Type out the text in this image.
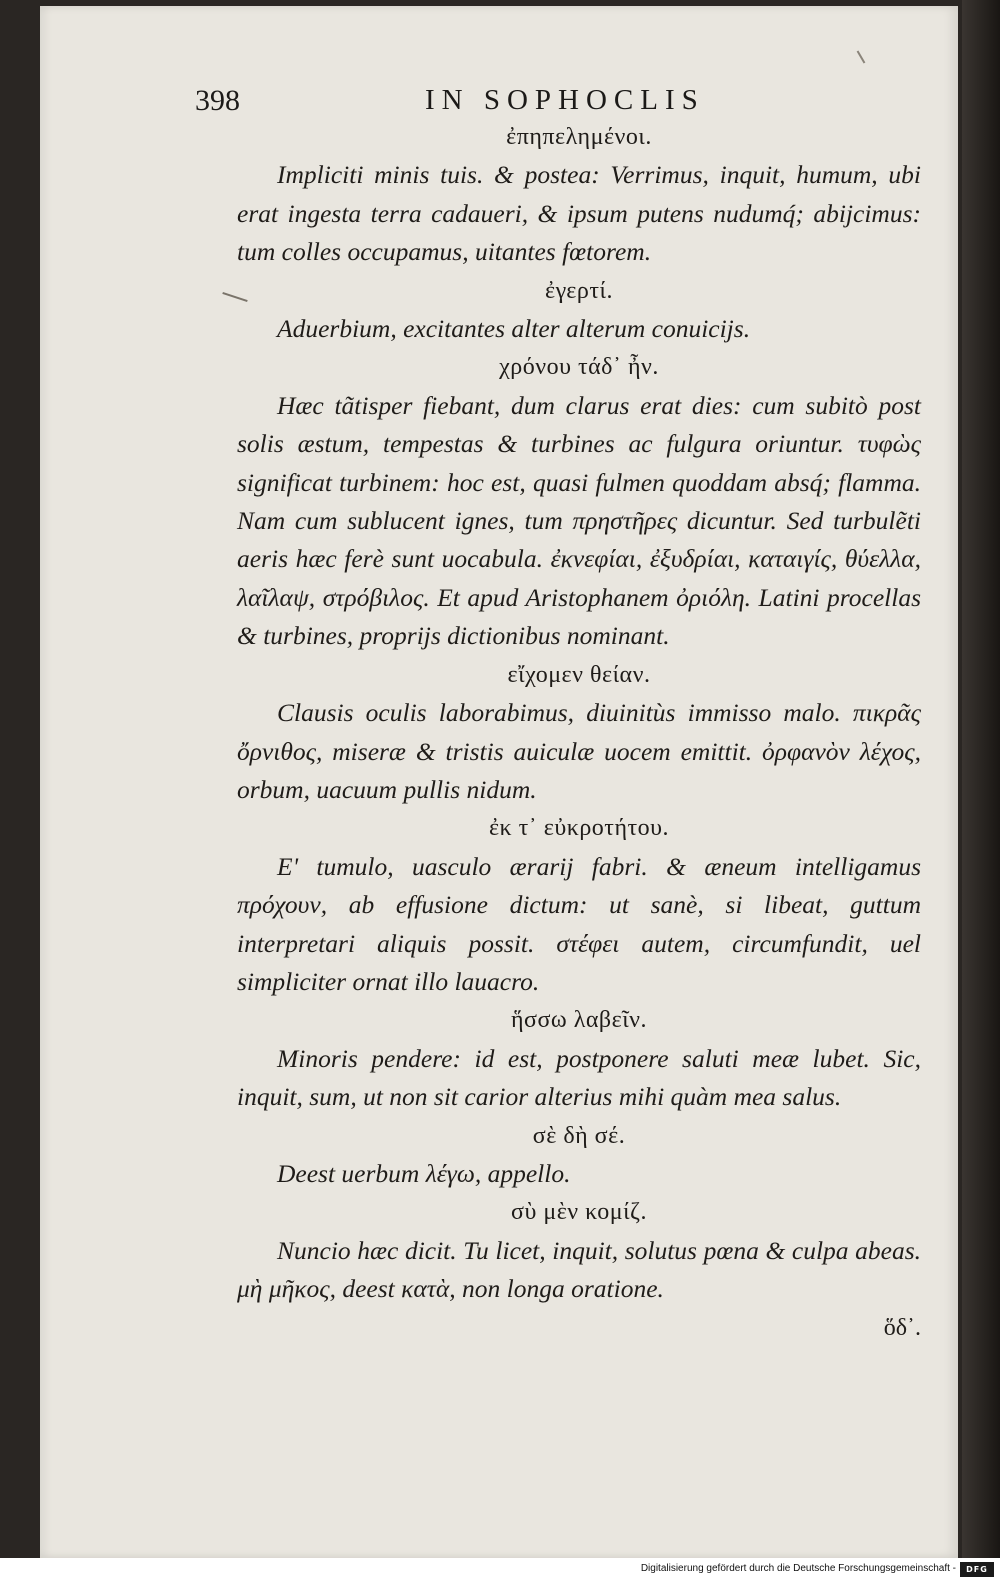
398	IN SOPHOCLIS
ἐπηπελημένοι.
Impliciti minis tuis. & postea: Verrimus, inquit, humum, ubi erat ingesta terra cadaueri, & ipsum putens nudumq́; abijcimus: tum colles occupamus, uitantes fœtorem.
ἐγερτί.
Aduerbium, excitantes alter alterum conuicijs.
χρόνου τάδ᾽ ἦν.
Hæc tãtisper fiebant, dum clarus erat dies: cum subitò post solis æstum, tempestas & turbines ac fulgura oriuntur. τυφὼς significat turbinem: hoc est, quasi fulmen quoddam absq́; flamma. Nam cum sublucent ignes, tum πρηστῆρες dicuntur. Sed turbulẽti aeris hæc ferè sunt uocabula. ἐκνεφίαι, ἐξυδρίαι, καταιγίς, θύελλα, λαῖλαψ, στρόβιλος. Et apud Aristophanem ὀριόλη. Latini procellas & turbines, proprijs dictionibus nominant.
εἴχομεν θείαν.
Clausis oculis laborabimus, diuinitùs immisso malo. πικρᾶς ὄρνιθος, miseræ & tristis auiculæ uocem emittit. ὀρφανὸν λέχος, orbum, uacuum pullis nidum.
ἐκ τ᾽ εὐκροτήτου.
E' tumulo, uasculo ærarij fabri. & æneum intelligamus πρόχουν, ab effusione dictum: ut sanè, si libeat, guttum interpretari aliquis possit. στέφει autem, circumfundit, uel simpliciter ornat illo lauacro.
ἥσσω λαβεῖν.
Minoris pendere: id est, postponere saluti meæ lubet. Sic, inquit, sum, ut non sit carior alterius mihi quàm mea salus.
σὲ δὴ σέ.
Deest uerbum λέγω, appello.
σὺ μὲν κομίζ.
Nuncio hæc dicit. Tu licet, inquit, solutus pœna & culpa abeas. μὴ μῆκος, deest κατὰ, non longa oratione.
ὅδ᾽.
Digitalisierung gefördert durch die Deutsche Forschungsgemeinschaft -	DFG
